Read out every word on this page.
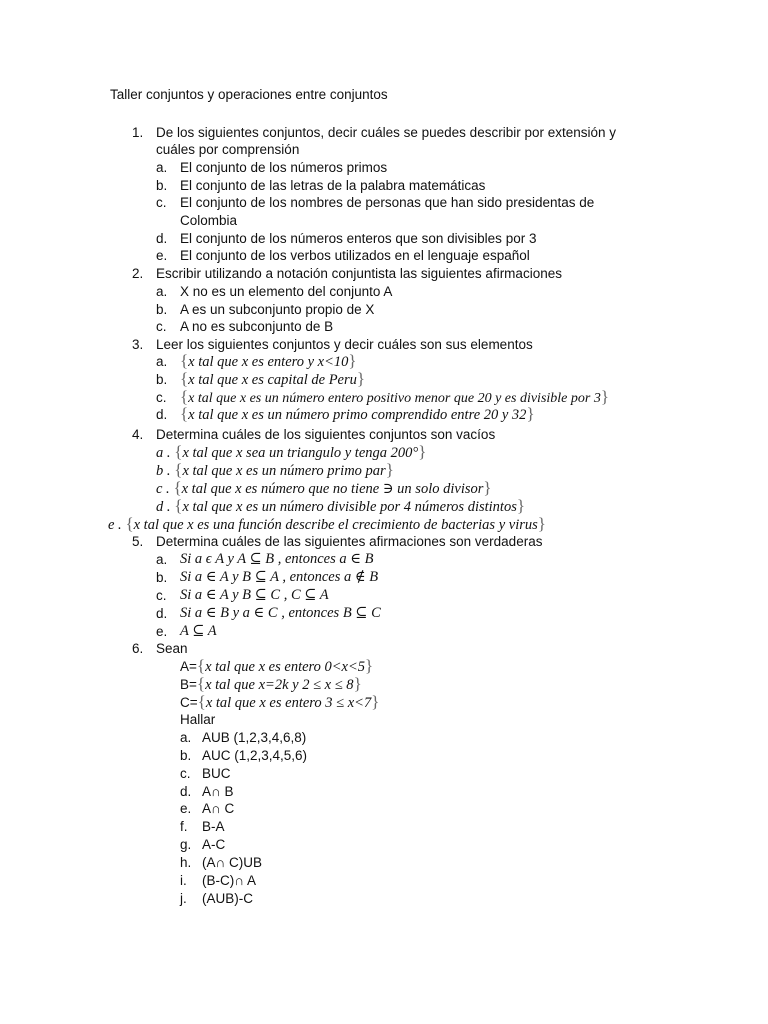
Taller conjuntos y operaciones entre conjuntos
1. De los siguientes conjuntos, decir cuáles se puedes describir por extensión y
cuáles por comprensión
a. El conjunto de los números primos
b. El conjunto de las letras de la palabra matemáticas
c. El conjunto de los nombres de personas que han sido presidentas de
Colombia
d. El conjunto de los números enteros que son divisibles por 3
e. El conjunto de los verbos utilizados en el lenguaje español
2. Escribir utilizando a notación conjuntista las siguientes afirmaciones
a. X no es un elemento del conjunto A
b. A es un subconjunto propio de X
c. A no es subconjunto de B
3. Leer los siguientes conjuntos y decir cuáles son sus elementos
a. {x tal que x es entero y x<10}
b. {x tal que x es capital de Peru}
c. {x tal que x es un número entero positivo menor que 20 y es divisible por 3}
d. {x tal que x es un número primo comprendido entre 20 y 32}
4. Determina cuáles de los siguientes conjuntos son vacíos
a . {x tal que x sea un triangulo y tenga 200°}
b . {x tal que x es un número primo par}
c . {x tal que x es número que no tiene ∋ un solo divisor}
d . {x tal que x es un número divisible por 4 números distintos}
e . {x tal que x es una función describe el crecimiento de bacterias y virus}
5. Determina cuáles de las siguientes afirmaciones son verdaderas
a. Si a ϵ A y A ⊆ B , entonces a ∈ B
b. Si a ∈ A y B ⊆ A , entonces a ∉ B
c. Si a ∈ A y B ⊆ C , C ⊆ A
d. Si a ∈ B y a ∈ C , entonces B ⊆ C
e. A ⊆ A
6. Sean
A={x tal que x es entero 0<x<5}
B={x tal que x=2k y 2 ≤ x ≤ 8}
C={x tal que x es entero 3 ≤ x<7}
Hallar
a. AUB (1,2,3,4,6,8)
b. AUC (1,2,3,4,5,6)
c. BUC
d. A∩ B
e. A∩ C
f. B-A
g. A-C
h. (A∩ C)UB
i. (B-C)∩ A
j. (AUB)-C
